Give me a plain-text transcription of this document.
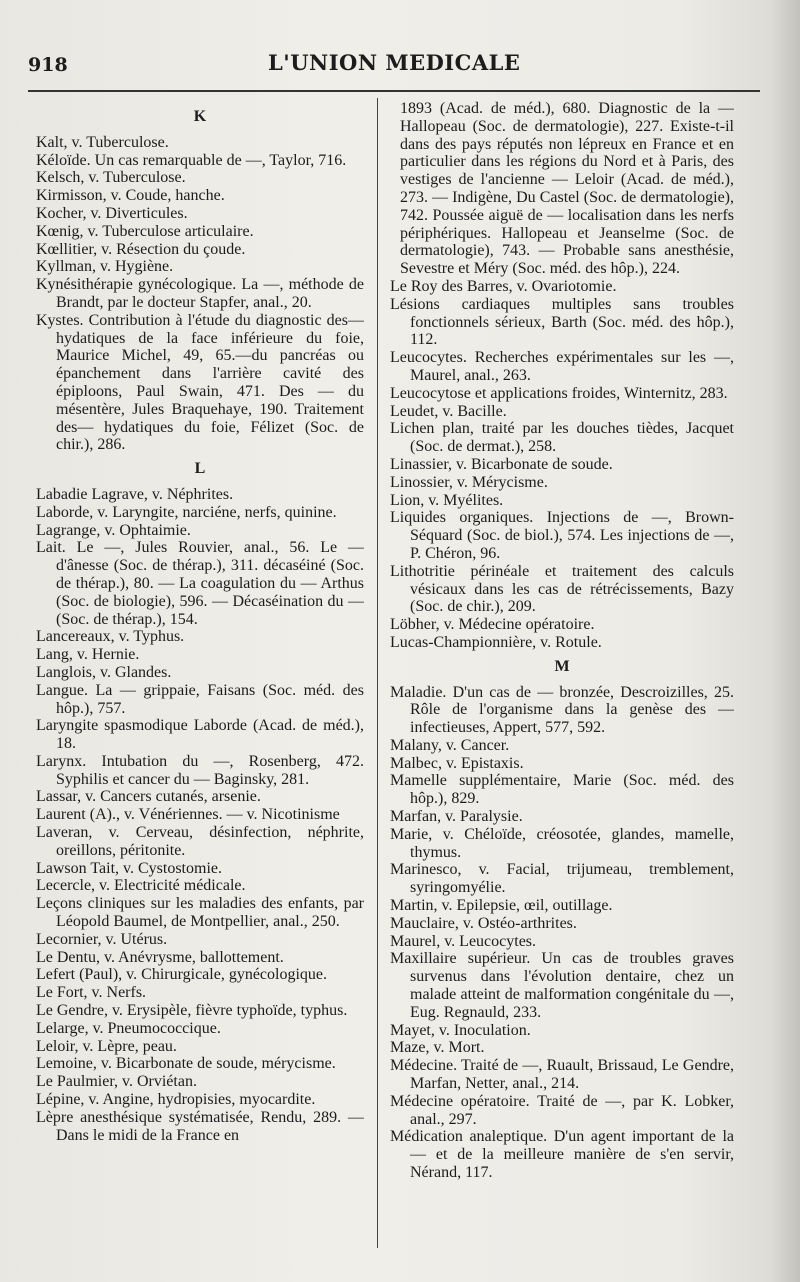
918	L'UNION MEDICALE

K

Kalt, v. Tuberculose.

Kéloïde. Un cas remarquable de —, Taylor, 716.

Kelsch, v. Tuberculose.

Kirmisson, v. Coude, hanche.

Kocher, v. Diverticules.

Kœnig, v. Tuberculose articulaire.

Kœllitier, v. Résection du çoude.

Kyllman, v. Hygiène.

Kynésithérapie gynécologique. La —, méthode de Brandt, par le docteur Stapfer, anal., 20.

Kystes. Contribution à l'étude du diagnostic des—hydatiques de la face inférieure du foie, Maurice Michel, 49, 65.—du pancréas ou épanchement dans l'arrière cavité des épiploons, Paul Swain, 471. Des — du mésentère, Jules Braquehaye, 190. Traitement des— hydatiques du foie, Félizet (Soc. de chir.), 286.

L

Labadie Lagrave, v. Néphrites.

Laborde, v. Laryngite, narciéne, nerfs, quinine.

Lagrange, v. Ophtaimie.

Lait. Le —, Jules Rouvier, anal., 56. Le — d'ânesse (Soc. de thérap.), 311. décaséiné (Soc. de thérap.), 80. — La coagulation du — Arthus (Soc. de biologie), 596. — Décaséination du — (Soc. de thérap.), 154.

Lancereaux, v. Typhus.

Lang, v. Hernie.

Langlois, v. Glandes.

Langue. La — grippaie, Faisans (Soc. méd. des hôp.), 757.

Laryngite spasmodique Laborde (Acad. de méd.), 18.

Larynx. Intubation du —, Rosenberg, 472. Syphilis et cancer du — Baginsky, 281.

Lassar, v. Cancers cutanés, arsenie.

Laurent (A)., v. Vénériennes. — v. Nicotinisme

Laveran, v. Cerveau, désinfection, néphrite, oreillons, péritonite.

Lawson Tait, v. Cystostomie.

Lecercle, v. Electricité médicale.

Leçons cliniques sur les maladies des enfants, par Léopold Baumel, de Montpellier, anal., 250.

Lecornier, v. Utérus.

Le Dentu, v. Anévrysme, ballottement.

Lefert (Paul), v. Chirurgicale, gynécologique.

Le Fort, v. Nerfs.

Le Gendre, v. Erysipèle, fièvre typhoïde, typhus.

Lelarge, v. Pneumococcique.

Leloir, v. Lèpre, peau.

Lemoine, v. Bicarbonate de soude, mérycisme.

Le Paulmier, v. Orviétan.

Lépine, v. Angine, hydropisies, myocardite.

Lèpre anesthésique systématisée, Rendu, 289. — Dans le midi de la France en

1893 (Acad. de méd.), 680. Diagnostic de la — Hallopeau (Soc. de dermatologie), 227. Existe-t-il dans des pays réputés non lépreux en France et en particulier dans les régions du Nord et à Paris, des vestiges de l'ancienne — Leloir (Acad. de méd.), 273. — Indigène, Du Castel (Soc. de dermatologie), 742. Poussée aiguë de — localisation dans les nerfs périphériques. Hallopeau et Jeanselme (Soc. de dermatologie), 743. — Probable sans anesthésie, Sevestre et Méry (Soc. méd. des hôp.), 224.

Le Roy des Barres, v. Ovariotomie.

Lésions cardiaques multiples sans troubles fonctionnels sérieux, Barth (Soc. méd. des hôp.), 112.

Leucocytes. Recherches expérimentales sur les —, Maurel, anal., 263.

Leucocytose et applications froides, Winternitz, 283.

Leudet, v. Bacille.

Lichen plan, traité par les douches tièdes, Jacquet (Soc. de dermat.), 258.

Linassier, v. Bicarbonate de soude.

Linossier, v. Mérycisme.

Lion, v. Myélites.

Liquides organiques. Injections de —, Brown-Séquard (Soc. de biol.), 574. Les injections de —, P. Chéron, 96.

Lithotritie périnéale et traitement des calculs vésicaux dans les cas de rétrécissements, Bazy (Soc. de chir.), 209.

Löbher, v. Médecine opératoire.

Lucas-Championnière, v. Rotule.

M

Maladie. D'un cas de — bronzée, Descroizilles, 25. Rôle de l'organisme dans la genèse des — infectieuses, Appert, 577, 592.

Malany, v. Cancer.

Malbec, v. Epistaxis.

Mamelle supplémentaire, Marie (Soc. méd. des hôp.), 829.

Marfan, v. Paralysie.

Marie, v. Chéloïde, créosotée, glandes, mamelle, thymus.

Marinesco, v. Facial, trijumeau, tremblement, syringomyélie.

Martin, v. Epilepsie, œil, outillage.

Mauclaire, v. Ostéo-arthrites.

Maurel, v. Leucocytes.

Maxillaire supérieur. Un cas de troubles graves survenus dans l'évolution dentaire, chez un malade atteint de malformation congénitale du —, Eug. Regnauld, 233.

Mayet, v. Inoculation.

Maze, v. Mort.

Médecine. Traité de —, Ruault, Brissaud, Le Gendre, Marfan, Netter, anal., 214.

Médecine opératoire. Traité de —, par K. Lobker, anal., 297.

Médication analeptique. D'un agent important de la — et de la meilleure manière de s'en servir, Nérand, 117.
